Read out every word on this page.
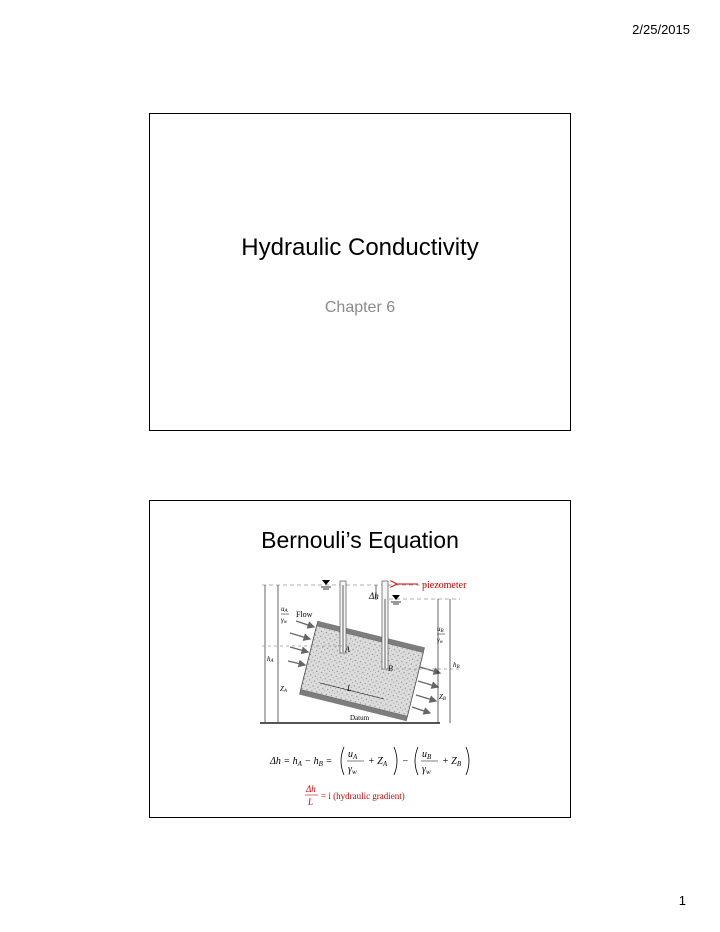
2/25/2015
Hydraulic Conductivity
Chapter 6
Bernouli’s Equation
piezometer
Δh
A
B
L
Flow
uA
γw
hA
ZA
uB
γw
hB
ZB
Datum
$\Delta h = h_A - h_B$ =
$u_A$
$\gamma_w$
+ $Z_A$ −
$u_B$
$\gamma_w$
+ $Z_B$
Δh
L
= i (hydraulic gradient)
1
